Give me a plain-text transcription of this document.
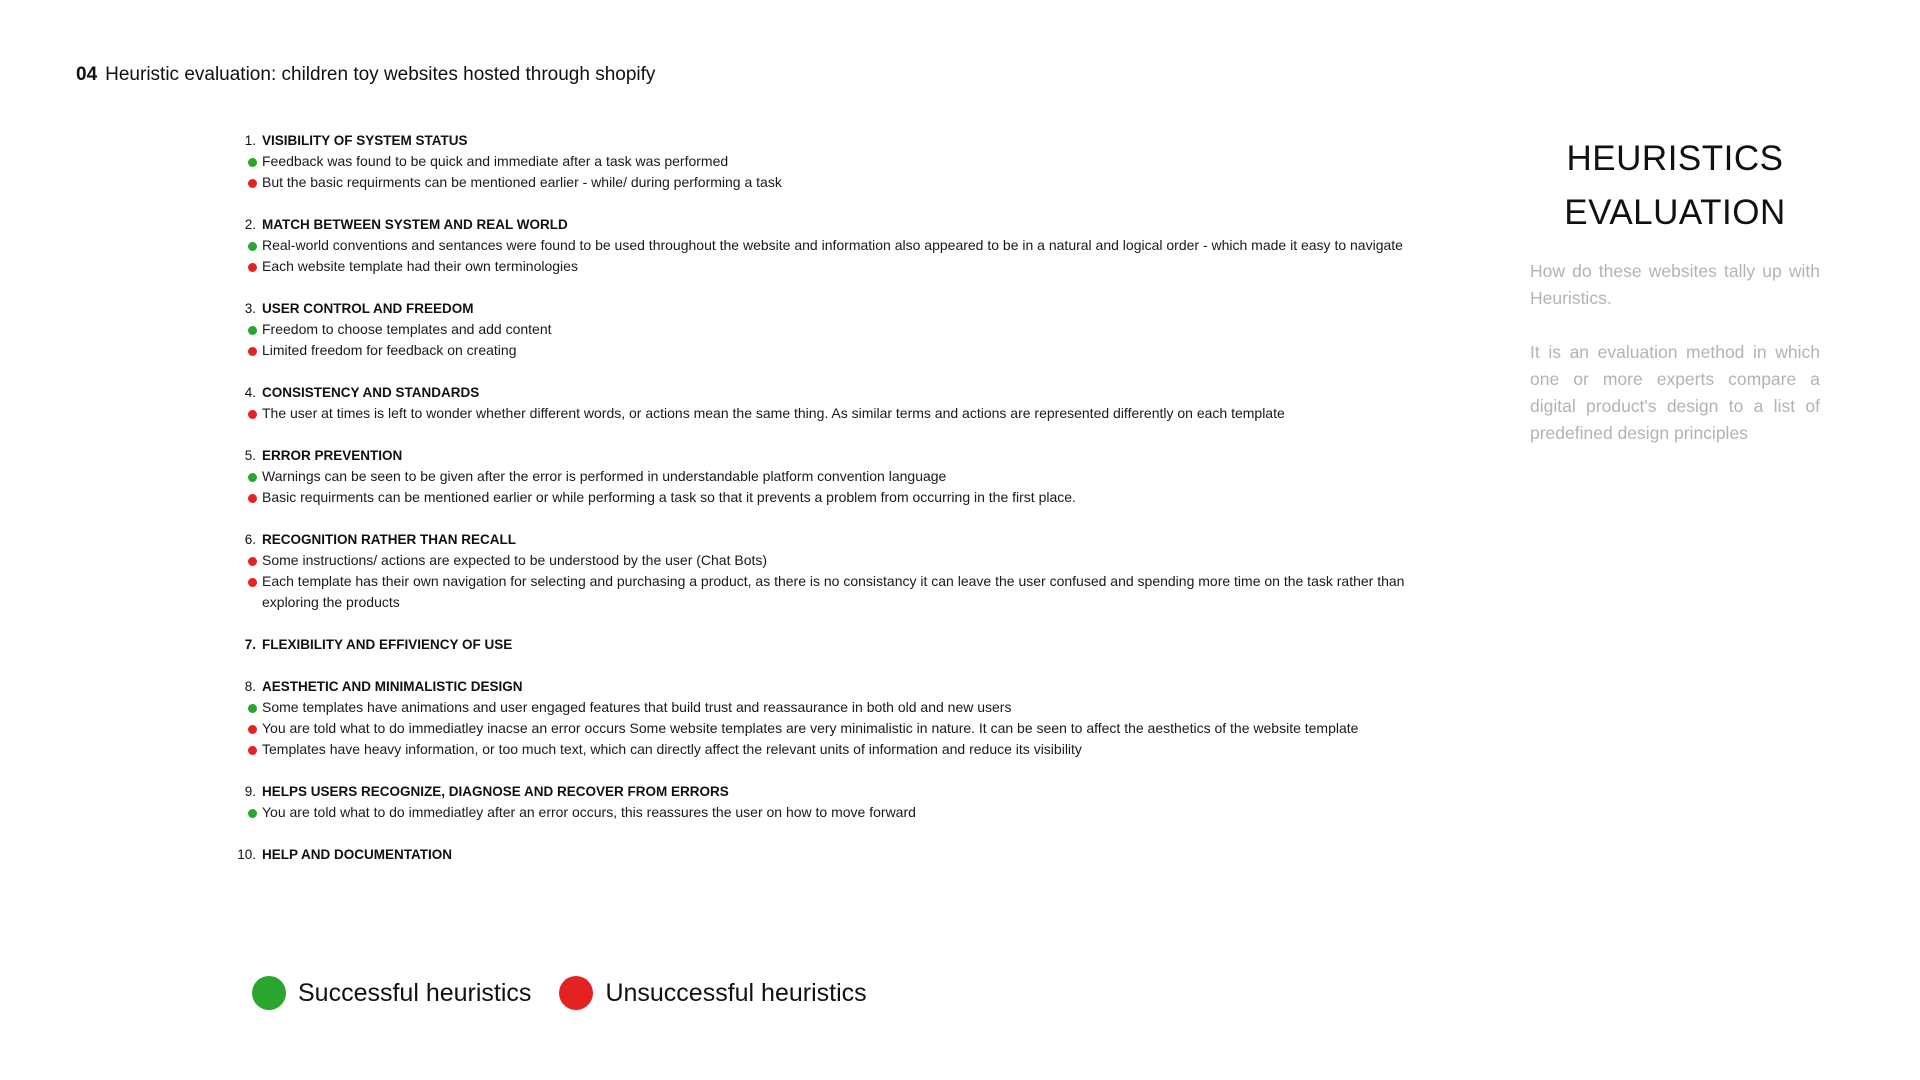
04 Heuristic evaluation: children toy websites hosted through shopify
1. VISIBILITY OF SYSTEM STATUS
Feedback was found to be quick and immediate after a task was performed
But the basic requirments can be mentioned earlier - while/ during performing a task
2. MATCH BETWEEN SYSTEM AND REAL WORLD
Real-world conventions and sentances were found to be used throughout the website and information also appeared to be in a natural and logical order - which made it easy to navigate
Each website template had their own terminologies
3. USER CONTROL AND FREEDOM
Freedom to choose templates and add content
Limited freedom for feedback on creating
4. CONSISTENCY AND STANDARDS
The user at times is left to wonder whether different words, or actions mean the same thing. As similar terms and actions are represented differently on each template
5. ERROR PREVENTION
Warnings can be seen to be given after the error is performed in understandable platform convention language
Basic requirments can be mentioned earlier or while performing a task so that it prevents a problem from occurring in the first place.
6. RECOGNITION RATHER THAN RECALL
Some instructions/ actions are expected to be understood by the user (Chat Bots)
Each template has their own navigation for selecting and purchasing a product, as there is no consistancy it can leave the user confused and spending more time on the task rather than exploring the products
7. FLEXIBILITY AND EFFIVIENCY OF USE
8. AESTHETIC AND MINIMALISTIC DESIGN
Some templates have animations and user engaged features that build trust and reassaurance in both old and new users
You are told what to do immediatley inacse an error occurs Some website templates are very minimalistic in nature. It can be seen to affect the aesthetics of the website template
Templates have heavy information, or too much text, which can directly affect the relevant units of information and reduce its visibility
9. HELPS USERS RECOGNIZE, DIAGNOSE AND RECOVER FROM ERRORS
You are told what to do immediatley after an error occurs, this reassures the user on how to move forward
10. HELP AND DOCUMENTATION
HEURISTICS
EVALUATION

How do these websites tally up with Heuristics.

It is an evaluation method in which one or more experts compare a digital product's design to a list of predefined design principles

Successful heuristics	Unsuccessful heuristics
